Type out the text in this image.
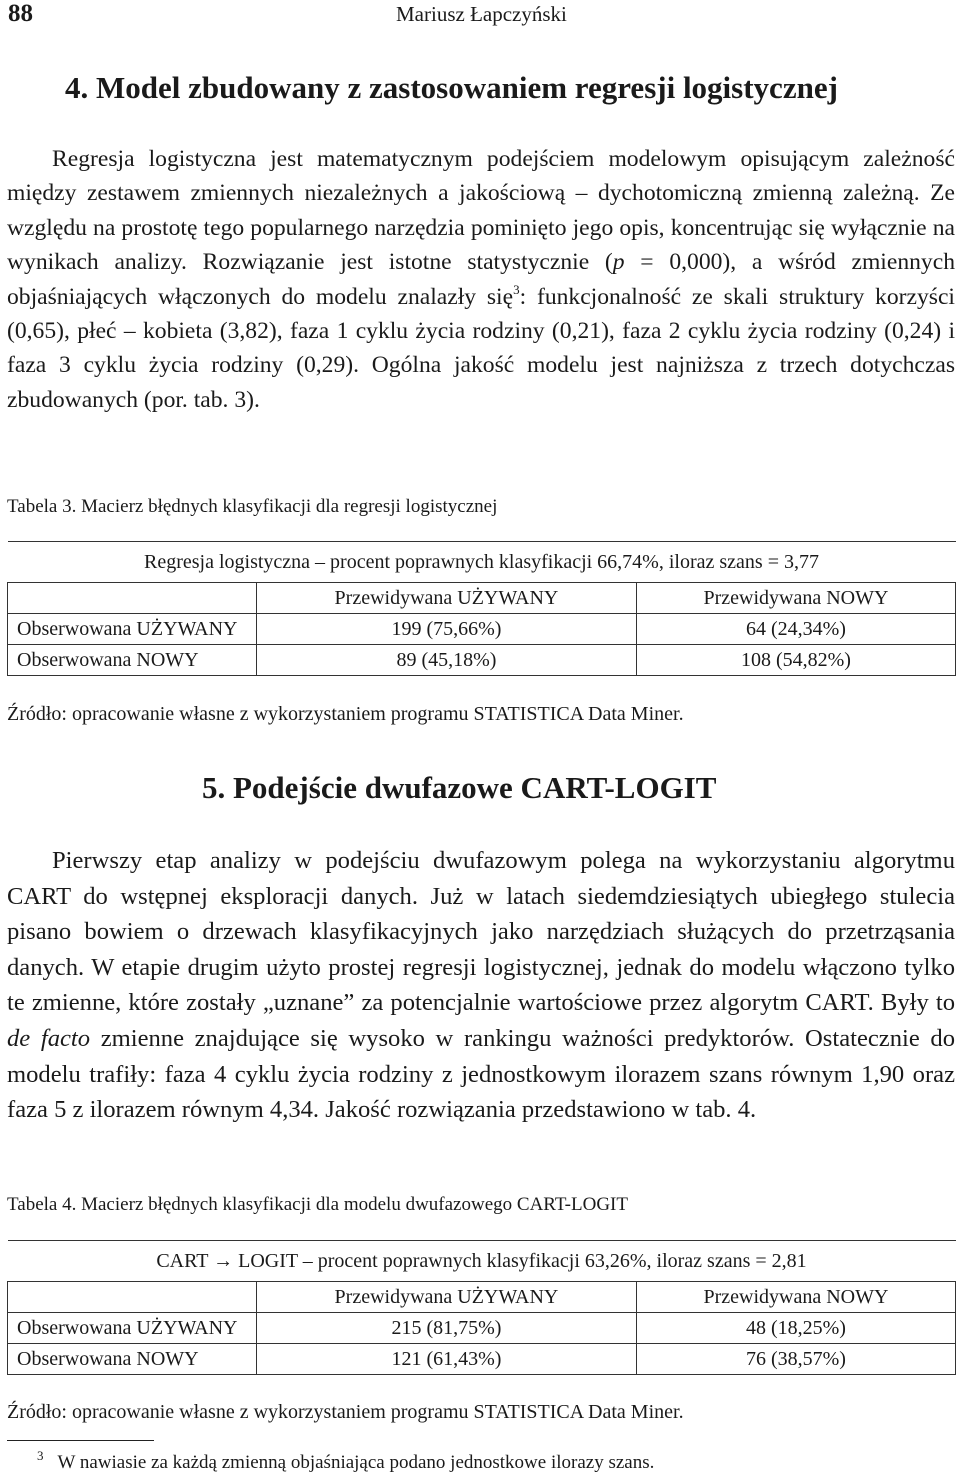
88	Mariusz Łapczyński
4. Model zbudowany z zastosowaniem regresji logistycznej

Regresja logistyczna jest matematycznym podejściem modelowym opisującym zależność między zestawem zmiennych niezależnych a jakościową – dychotomiczną zmienną zależną. Ze względu na prostotę tego popularnego narzędzia pominięto jego opis, koncentrując się wyłącznie na wynikach analizy. Rozwiązanie jest istotne statystycznie (p = 0,000), a wśród zmiennych objaśniających włączonych do modelu znalazły się$^3$: funkcjonalność ze skali struktury korzyści (0,65), płeć – kobieta (3,82), faza 1 cyklu życia rodziny (0,21), faza 2 cyklu życia rodziny (0,24) i faza 3 cyklu życia rodziny (0,29). Ogólna jakość modelu jest najniższa z trzech dotychczas zbudowanych (por. tab. 3).

Tabela 3. Macierz błędnych klasyfikacji dla regresji logistycznej
Regresja logistyczna – procent poprawnych klasyfikacji 66,74%, iloraz szans = 3,77		
	Przewidywana UŻYWANY	Przewidywana NOWY
Obserwowana UŻYWANY	199 (75,66%)	64 (24,34%)
Obserwowana NOWY	89 (45,18%)	108 (54,82%)
Źródło: opracowanie własne z wykorzystaniem programu STATISTICA Data Miner.
5. Podejście dwufazowe CART-LOGIT

Pierwszy etap analizy w podejściu dwufazowym polega na wykorzystaniu algorytmu CART do wstępnej eksploracji danych. Już w latach siedemdziesiątych ubiegłego stulecia pisano bowiem o drzewach klasyfikacyjnych jako narzędziach służących do przetrząsania danych. W etapie drugim użyto prostej regresji logistycznej, jednak do modelu włączono tylko te zmienne, które zostały „uznane” za potencjalnie wartościowe przez algorytm CART. Były to de facto zmienne znajdujące się wysoko w rankingu ważności predyktorów. Ostatecznie do modelu trafiły: faza 4 cyklu życia rodziny z jednostkowym ilorazem szans równym 1,90 oraz faza 5 z ilorazem równym 4,34. Jakość rozwiązania przedstawiono w tab. 4.

Tabela 4. Macierz błędnych klasyfikacji dla modelu dwufazowego CART-LOGIT
CART → LOGIT – procent poprawnych klasyfikacji 63,26%, iloraz szans = 2,81		
	Przewidywana UŻYWANY	Przewidywana NOWY
Obserwowana UŻYWANY	215 (81,75%)	48 (18,25%)
Obserwowana NOWY	121 (61,43%)	76 (38,57%)
Źródło: opracowanie własne z wykorzystaniem programu STATISTICA Data Miner.
$^3$ W nawiasie za każdą zmienną objaśniająca podano jednostkowe ilorazy szans.
